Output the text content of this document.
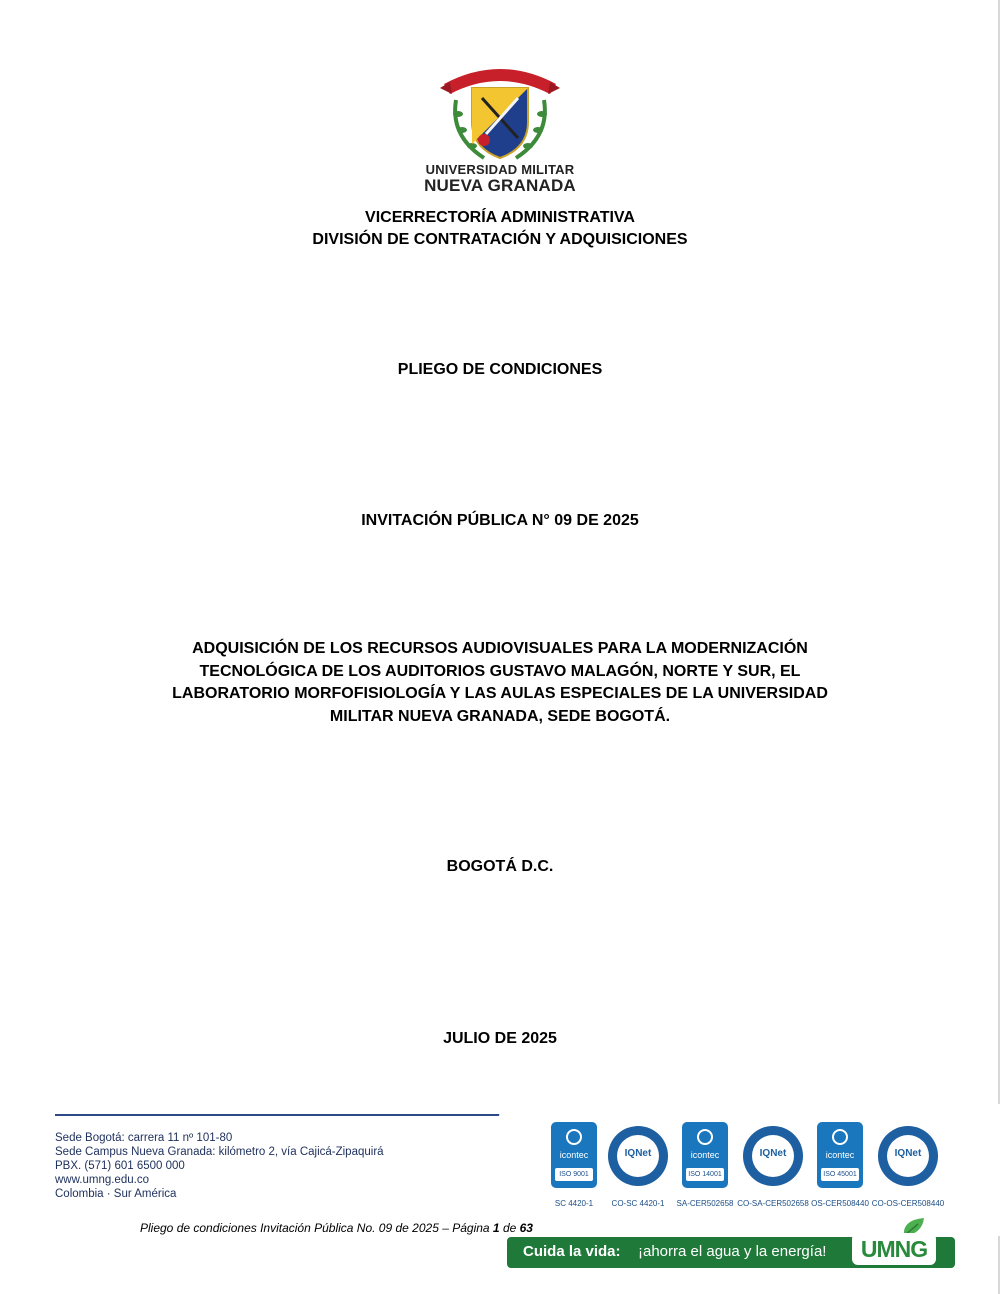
UNIVERSIDAD MILITAR
NUEVA GRANADA
VICERRECTORÍA ADMINISTRATIVA
DIVISIÓN DE CONTRATACIÓN Y ADQUISICIONES
PLIEGO DE CONDICIONES
INVITACIÓN PÚBLICA N° 09 DE 2025
ADQUISICIÓN DE LOS RECURSOS AUDIOVISUALES PARA LA MODERNIZACIÓN
TECNOLÓGICA DE LOS AUDITORIOS GUSTAVO MALAGÓN, NORTE Y SUR, EL
LABORATORIO MORFOFISIOLOGÍA Y LAS AULAS ESPECIALES DE LA UNIVERSIDAD
MILITAR NUEVA GRANADA, SEDE BOGOTÁ.
BOGOTÁ D.C.
JULIO DE 2025
Sede Bogotá: carrera 11 nº 101-80
Sede Campus Nueva Granada: kilómetro 2, vía Cajicá-Zipaquirá
PBX. (571) 601 6500 000
www.umng.edu.co
Colombia · Sur América
icontec
ISO 9001
SC 4420-1
IQNet
CO-SC 4420-1
icontec
ISO 14001
SA-CER502658
IQNet
CO-SA-CER502658
icontec
ISO 45001
OS-CER508440
IQNet
CO-OS-CER508440
Pliego de condiciones Invitación Pública No. 09 de 2025 – Página 1 de 63
Cuida la vida: ¡ahorra el agua y la energía!	UMNG
